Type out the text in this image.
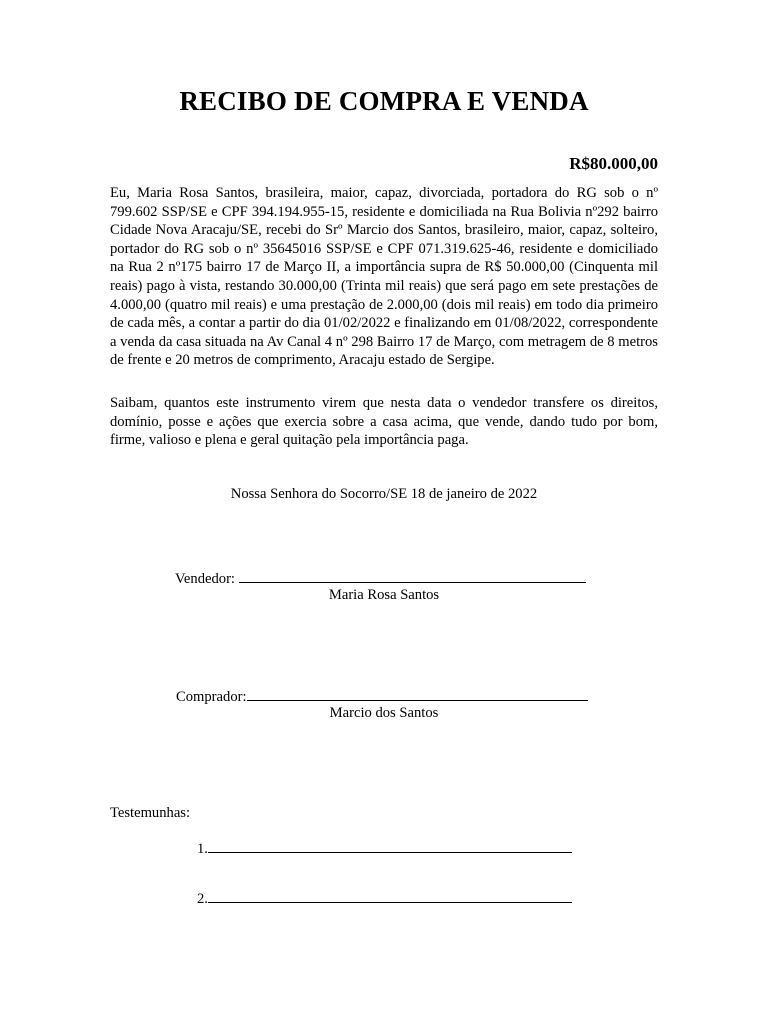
RECIBO DE COMPRA E VENDA
R$80.000,00

Eu, Maria Rosa Santos, brasileira, maior, capaz, divorciada, portadora do RG sob o nº 799.602 SSP/SE e CPF 394.194.955-15, residente e domiciliada na Rua Bolivia nº292 bairro Cidade Nova Aracaju/SE, recebi do Srº Marcio dos Santos, brasileiro, maior, capaz, solteiro, portador do RG sob o nº 35645016 SSP/SE e CPF 071.319.625-46, residente e domiciliado na Rua 2 nº175 bairro 17 de Março II, a importância supra de R$ 50.000,00 (Cinquenta mil reais) pago à vista, restando 30.000,00 (Trinta mil reais) que será pago em sete prestações de 4.000,00 (quatro mil reais) e uma prestação de 2.000,00 (dois mil reais) em todo dia primeiro de cada mês, a contar a partir do dia 01/02/2022 e finalizando em 01/08/2022, correspondente a venda da casa situada na Av Canal 4 nº 298 Bairro 17 de Março, com metragem de 8 metros de frente e 20 metros de comprimento, Aracaju estado de Sergipe.

Saibam, quantos este instrumento virem que nesta data o vendedor transfere os direitos, domínio, posse e ações que exercia sobre a casa acima, que vende, dando tudo por bom, firme, valioso e plena e geral quitação pela importância paga.

Nossa Senhora do Socorro/SE 18 de janeiro de 2022
Vendedor:
Maria Rosa Santos
Comprador:
Marcio dos Santos
Testemunhas:
1.
2.
